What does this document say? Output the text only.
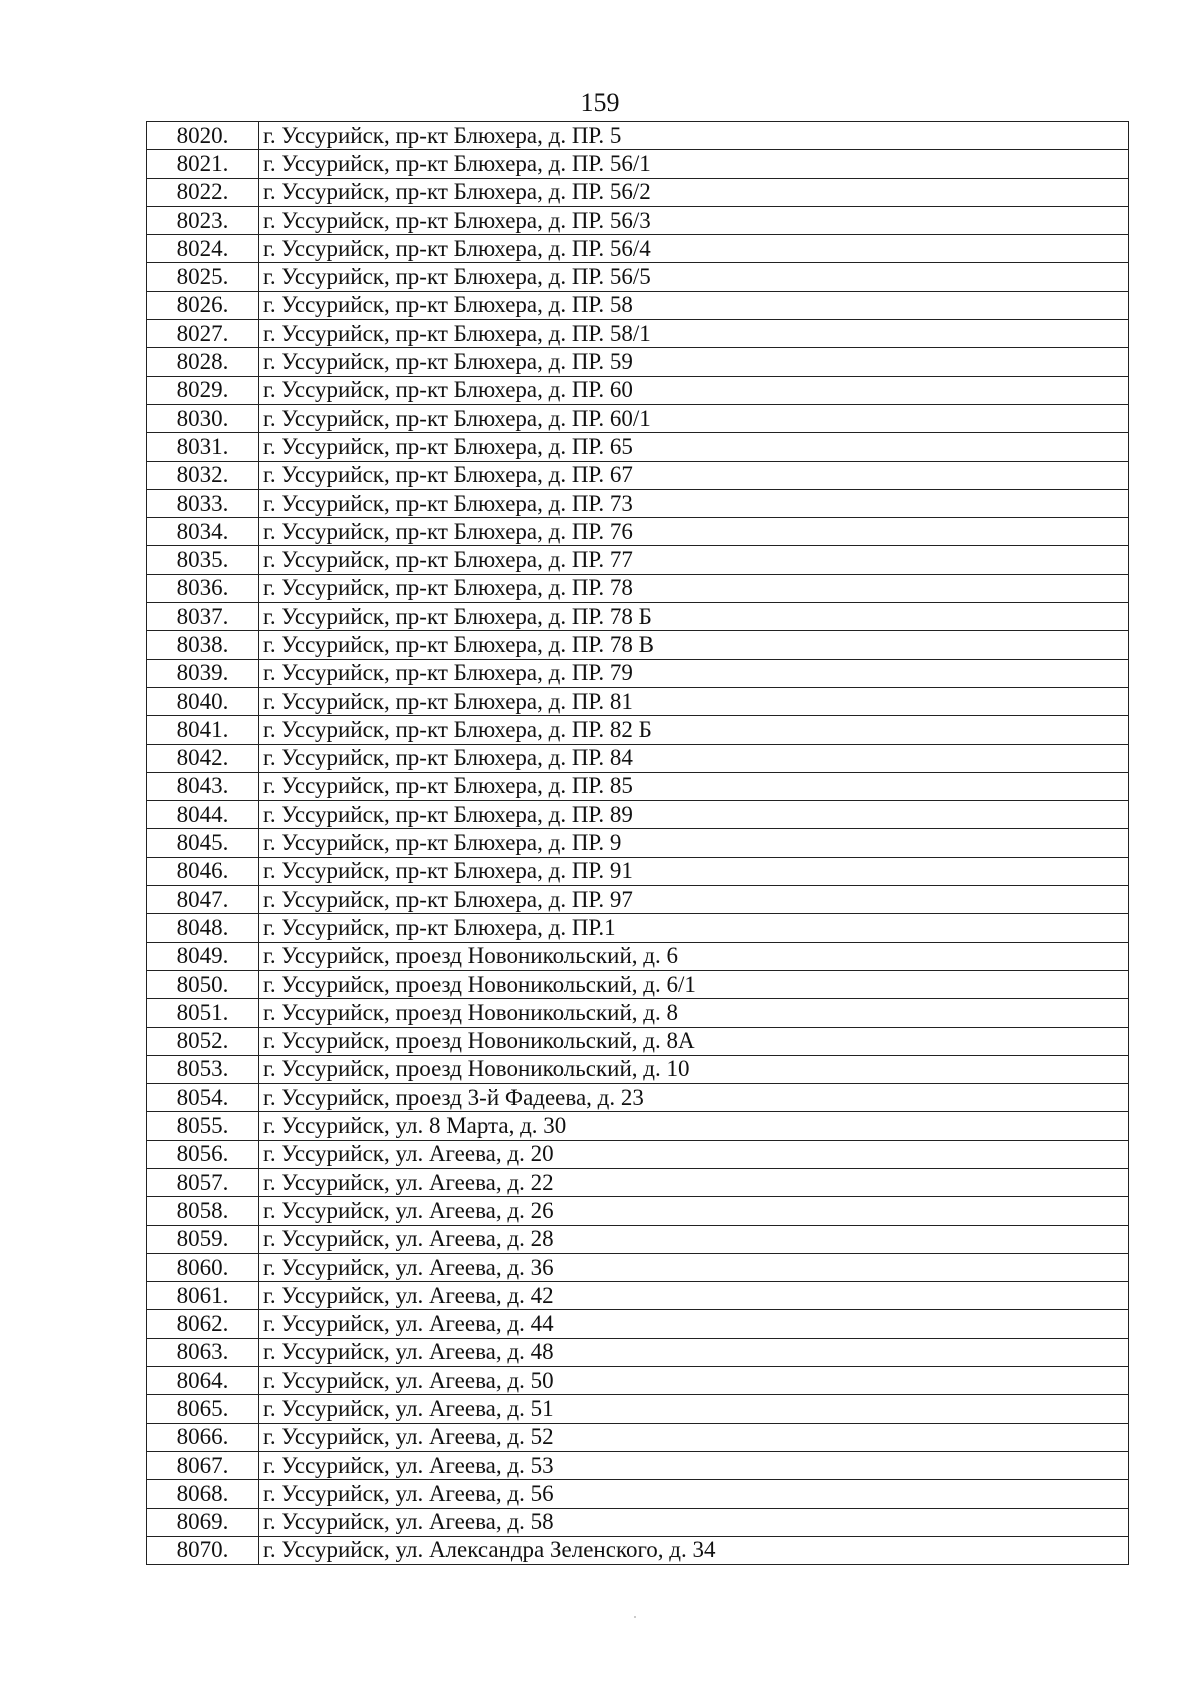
159
8020.	г. Уссурийск, пр-кт Блюхера, д. ПР. 5
8021.	г. Уссурийск, пр-кт Блюхера, д. ПР. 56/1
8022.	г. Уссурийск, пр-кт Блюхера, д. ПР. 56/2
8023.	г. Уссурийск, пр-кт Блюхера, д. ПР. 56/3
8024.	г. Уссурийск, пр-кт Блюхера, д. ПР. 56/4
8025.	г. Уссурийск, пр-кт Блюхера, д. ПР. 56/5
8026.	г. Уссурийск, пр-кт Блюхера, д. ПР. 58
8027.	г. Уссурийск, пр-кт Блюхера, д. ПР. 58/1
8028.	г. Уссурийск, пр-кт Блюхера, д. ПР. 59
8029.	г. Уссурийск, пр-кт Блюхера, д. ПР. 60
8030.	г. Уссурийск, пр-кт Блюхера, д. ПР. 60/1
8031.	г. Уссурийск, пр-кт Блюхера, д. ПР. 65
8032.	г. Уссурийск, пр-кт Блюхера, д. ПР. 67
8033.	г. Уссурийск, пр-кт Блюхера, д. ПР. 73
8034.	г. Уссурийск, пр-кт Блюхера, д. ПР. 76
8035.	г. Уссурийск, пр-кт Блюхера, д. ПР. 77
8036.	г. Уссурийск, пр-кт Блюхера, д. ПР. 78
8037.	г. Уссурийск, пр-кт Блюхера, д. ПР. 78 Б
8038.	г. Уссурийск, пр-кт Блюхера, д. ПР. 78 В
8039.	г. Уссурийск, пр-кт Блюхера, д. ПР. 79
8040.	г. Уссурийск, пр-кт Блюхера, д. ПР. 81
8041.	г. Уссурийск, пр-кт Блюхера, д. ПР. 82 Б
8042.	г. Уссурийск, пр-кт Блюхера, д. ПР. 84
8043.	г. Уссурийск, пр-кт Блюхера, д. ПР. 85
8044.	г. Уссурийск, пр-кт Блюхера, д. ПР. 89
8045.	г. Уссурийск, пр-кт Блюхера, д. ПР. 9
8046.	г. Уссурийск, пр-кт Блюхера, д. ПР. 91
8047.	г. Уссурийск, пр-кт Блюхера, д. ПР. 97
8048.	г. Уссурийск, пр-кт Блюхера, д. ПР.1
8049.	г. Уссурийск, проезд Новоникольский, д. 6
8050.	г. Уссурийск, проезд Новоникольский, д. 6/1
8051.	г. Уссурийск, проезд Новоникольский, д. 8
8052.	г. Уссурийск, проезд Новоникольский, д. 8А
8053.	г. Уссурийск, проезд Новоникольский, д. 10
8054.	г. Уссурийск, проезд 3-й Фадеева, д. 23
8055.	г. Уссурийск, ул. 8 Марта, д. 30
8056.	г. Уссурийск, ул. Агеева, д. 20
8057.	г. Уссурийск, ул. Агеева, д. 22
8058.	г. Уссурийск, ул. Агеева, д. 26
8059.	г. Уссурийск, ул. Агеева, д. 28
8060.	г. Уссурийск, ул. Агеева, д. 36
8061.	г. Уссурийск, ул. Агеева, д. 42
8062.	г. Уссурийск, ул. Агеева, д. 44
8063.	г. Уссурийск, ул. Агеева, д. 48
8064.	г. Уссурийск, ул. Агеева, д. 50
8065.	г. Уссурийск, ул. Агеева, д. 51
8066.	г. Уссурийск, ул. Агеева, д. 52
8067.	г. Уссурийск, ул. Агеева, д. 53
8068.	г. Уссурийск, ул. Агеева, д. 56
8069.	г. Уссурийск, ул. Агеева, д. 58
8070.	г. Уссурийск, ул. Александра Зеленского, д. 34
